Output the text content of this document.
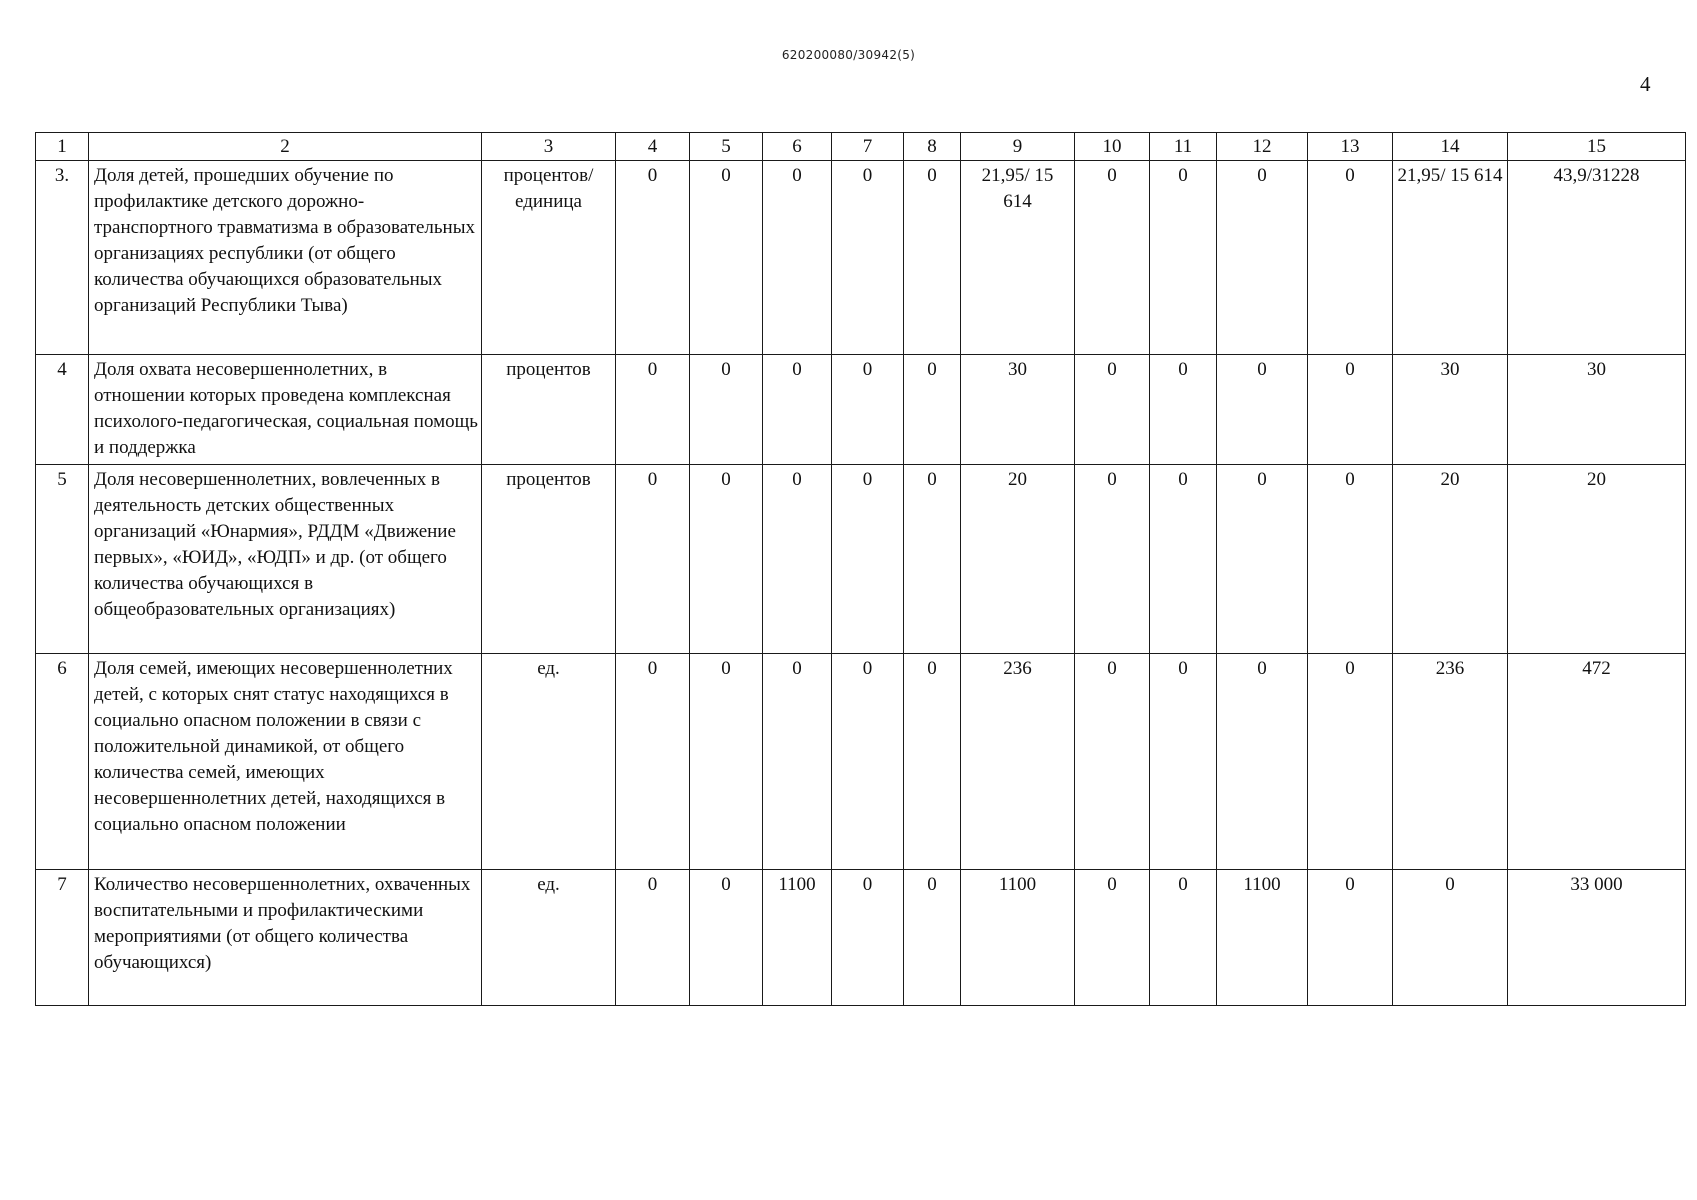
620200080/30942(5)
4
1	2	3	4	5	6	7	8	9	10	11	12	13	14	15
3.	Доля детей, прошедших обучение по профилактике детского дорожно-транспортного травматизма в образовательных организациях республики (от общего количества обучающихся образовательных организаций Республики Тыва)	процентов/ единица	0	0	0	0	0	21,95/ 15 614	0	0	0	0	21,95/ 15 614	43,9/31228
4	Доля охвата несовершеннолетних, в отношении которых проведена комплексная психолого-педагогическая, социальная помощь и поддержка	процентов	0	0	0	0	0	30	0	0	0	0	30	30
5	Доля несовершеннолетних, вовлеченных в деятельность детских общественных организаций «Юнармия», РДДМ «Движение первых», «ЮИД», «ЮДП» и др. (от общего количества обучающихся в общеобразовательных организациях)	процентов	0	0	0	0	0	20	0	0	0	0	20	20
6	Доля семей, имеющих несовершеннолетних детей, с которых снят статус находящихся в социально опасном положении в связи с положительной динамикой, от общего количества семей, имеющих несовершеннолетних детей, находящихся в социально опасном положении	ед.	0	0	0	0	0	236	0	0	0	0	236	472
7	Количество несовершеннолетних, охваченных воспитательными и профилактическими мероприятиями (от общего количества обучающихся)	ед.	0	0	1100	0	0	1100	0	0	1100	0	0	33 000
